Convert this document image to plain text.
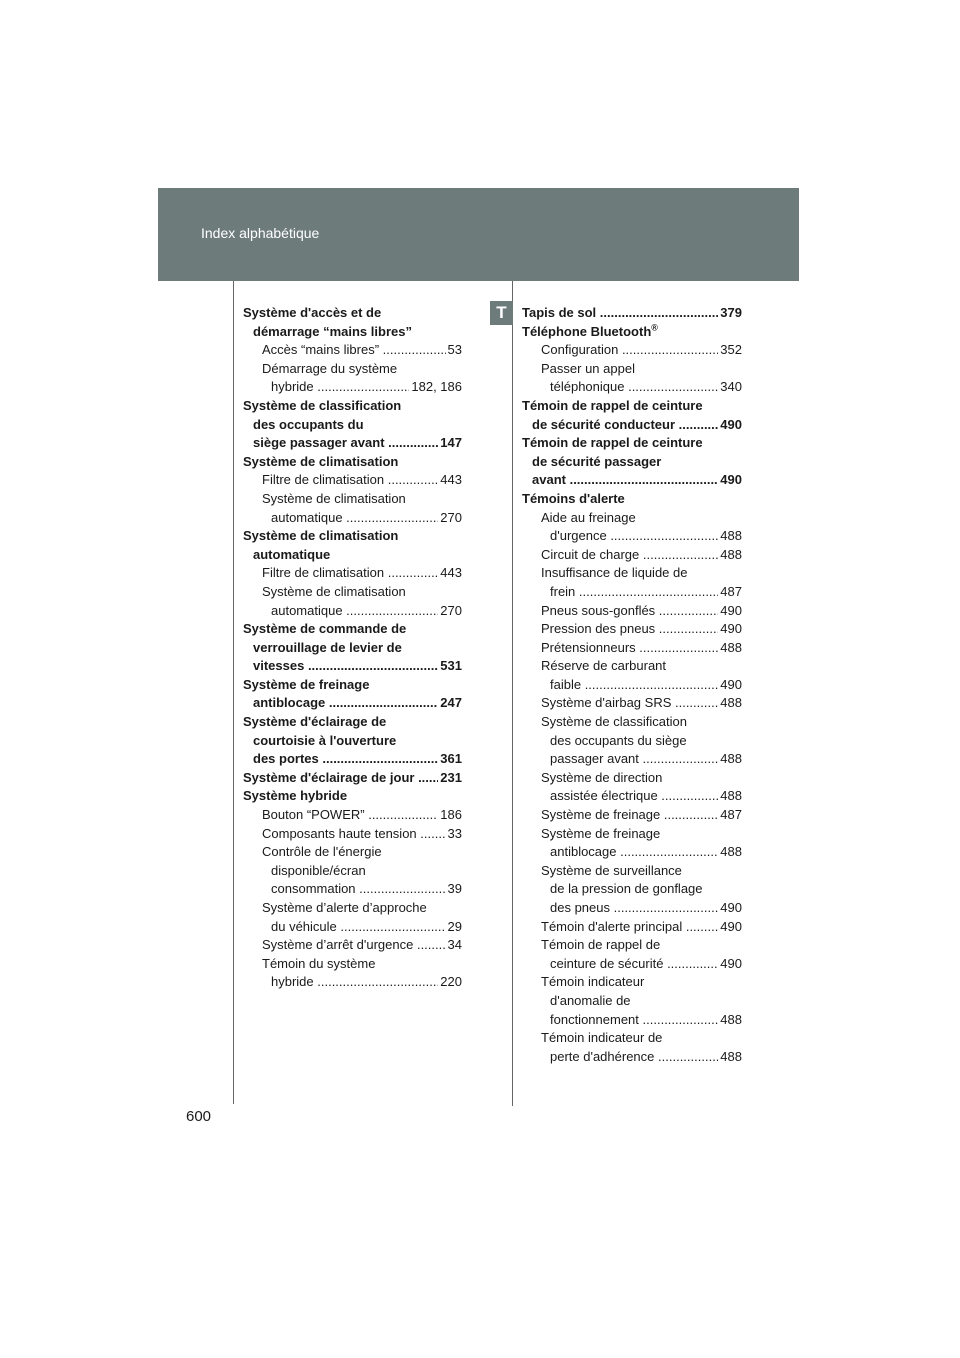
Index alphabétique
T
Système d'accès et de
démarrage “mains libres”
Accès “mains libres”	53
.....
Démarrage du système
hybride	182, 186
.....
Système de classification
des occupants du
siège passager avant	147
.....
Système de climatisation
Filtre de climatisation	443
.....
Système de climatisation
automatique	270
.....
Système de climatisation
automatique
Filtre de climatisation	443
.....
Système de climatisation
automatique	270
.....
Système de commande de
verrouillage de levier de
vitesses	531
.....
Système de freinage
antiblocage	247
.....
Système d'éclairage de
courtoisie à l'ouverture
des portes	361
.....
Système d'éclairage de jour 231
.....
Système hybride
Bouton “POWER”	186
.....
Composants haute tension 33
.....
Contrôle de l'énergie
disponible/écran
consommation	39
.....
Système d’alerte d’approche
du véhicule	29
.....
Système d’arrêt d'urgence	34
.....
Témoin du système
hybride	220
.....
Tapis de sol	379
.....
Téléphone Bluetooth®
Configuration	352
.....
Passer un appel
téléphonique	340
.....
Témoin de rappel de ceinture
de sécurité conducteur	490
.....
Témoin de rappel de ceinture
de sécurité passager
avant	490
.....
Témoins d'alerte
Aide au freinage
d'urgence	488
.....
Circuit de charge	488
.....
Insuffisance de liquide de
frein	487
.....
Pneus sous-gonflés	490
.....
Pression des pneus	490
.....
Prétensionneurs	488
.....
Réserve de carburant
faible	490
.....
Système d'airbag SRS	488
.....
Système de classification
des occupants du siège
passager avant	488
.....
Système de direction
assistée électrique	488
.....
Système de freinage	487
.....
Système de freinage
antiblocage	488
.....
Système de surveillance
de la pression de gonflage
des pneus	490
.....
Témoin d'alerte principal	490
.....
Témoin de rappel de
ceinture de sécurité	490
.....
Témoin indicateur
d'anomalie de
fonctionnement	488
.....
Témoin indicateur de
perte d'adhérence	488
.....
600
